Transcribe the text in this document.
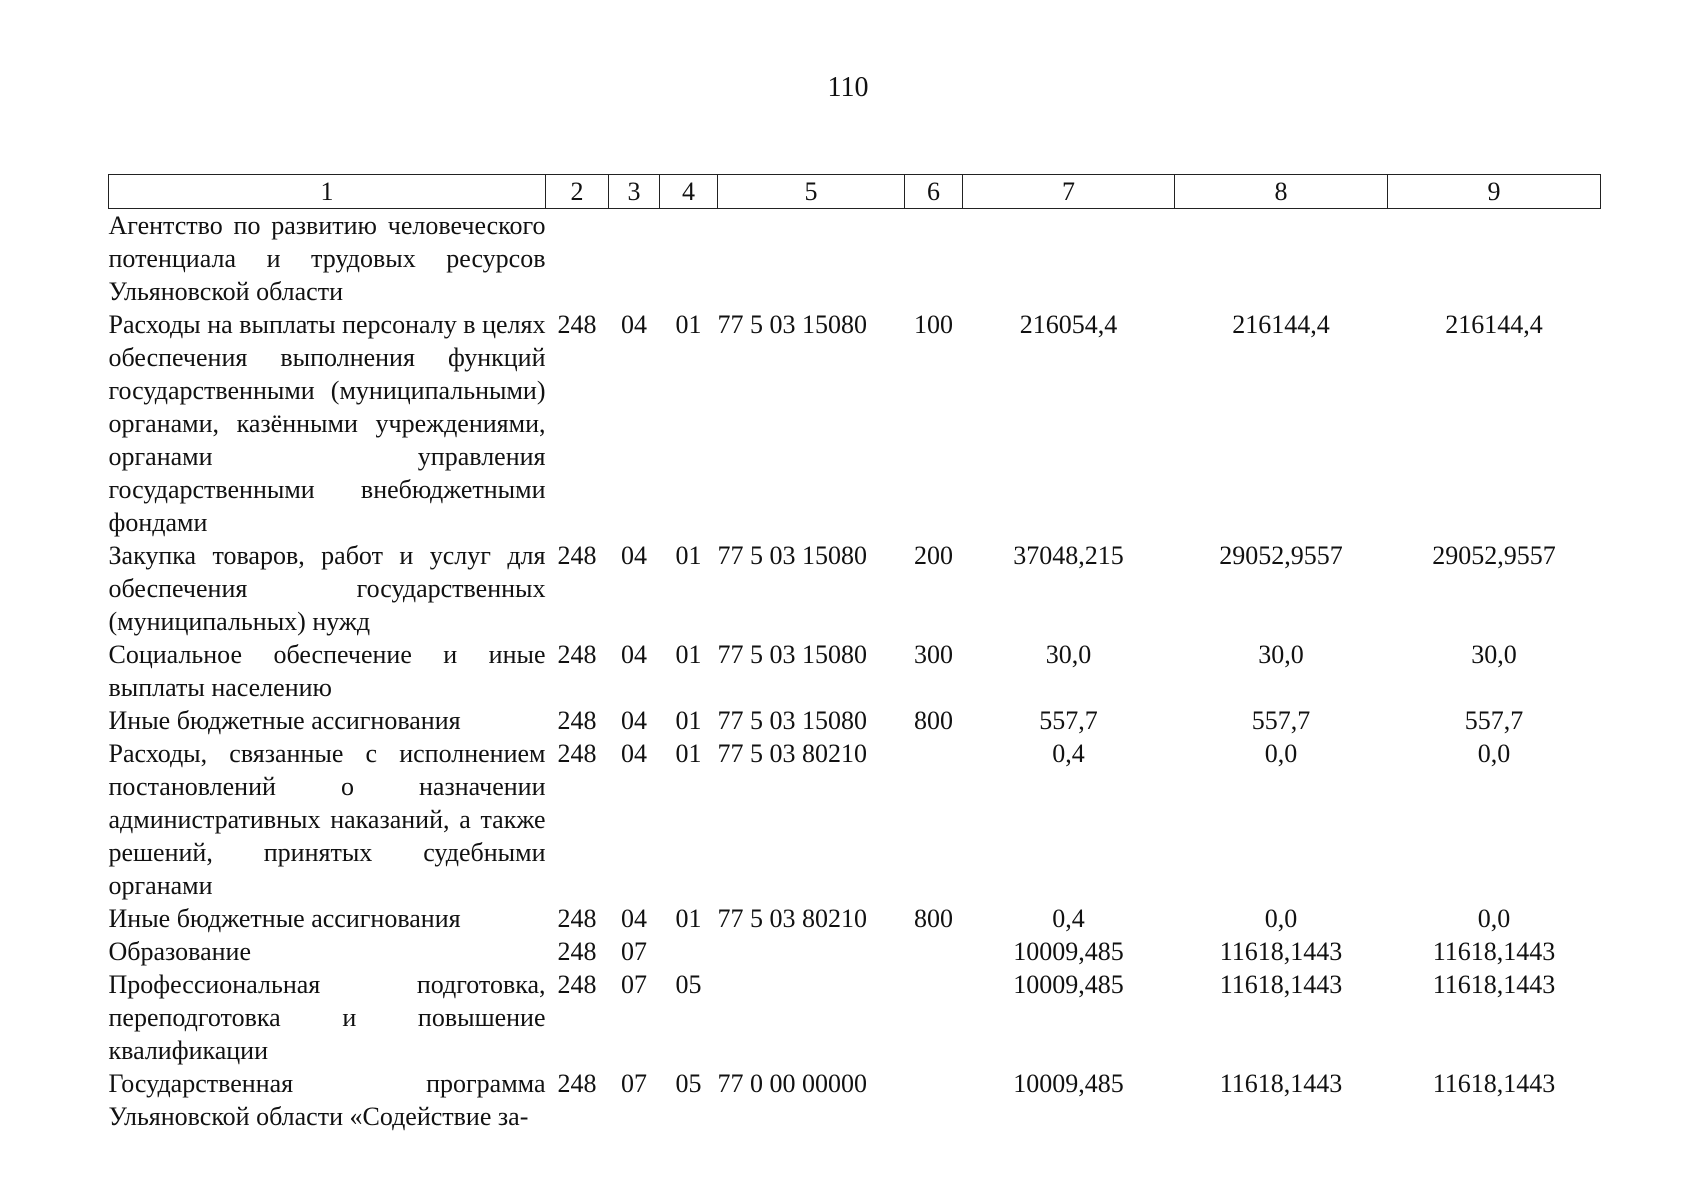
110
1	2	3	4	5	6	7	8	9
Агентство по развитию человеческого потенциала и трудовых ресурсов Ульяновской области								
Расходы на выплаты персоналу в целях обеспечения выполнения функций государственными (муниципальными) органами, казёнными учреждениями, органами управления государственными внебюджетными фондами	248	04	01	77 5 03 15080	100	216054,4	216144,4	216144,4
Закупка товаров, работ и услуг для обеспечения государственных (муниципальных) нужд	248	04	01	77 5 03 15080	200	37048,215	29052,9557	29052,9557
Социальное обеспечение и иные выплаты населению	248	04	01	77 5 03 15080	300	30,0	30,0	30,0
Иные бюджетные ассигнования	248	04	01	77 5 03 15080	800	557,7	557,7	557,7
Расходы, связанные с исполнением постановлений о назначении административных наказаний, а также решений, принятых судебными органами	248	04	01	77 5 03 80210		0,4	0,0	0,0
Иные бюджетные ассигнования	248	04	01	77 5 03 80210	800	0,4	0,0	0,0
Образование	248	07				10009,485	11618,1443	11618,1443
Профессиональная подготовка, переподготовка и повышение квалификации	248	07	05			10009,485	11618,1443	11618,1443
Государственная программа Ульяновской области «Содействие за-	248	07	05	77 0 00 00000		10009,485	11618,1443	11618,1443
